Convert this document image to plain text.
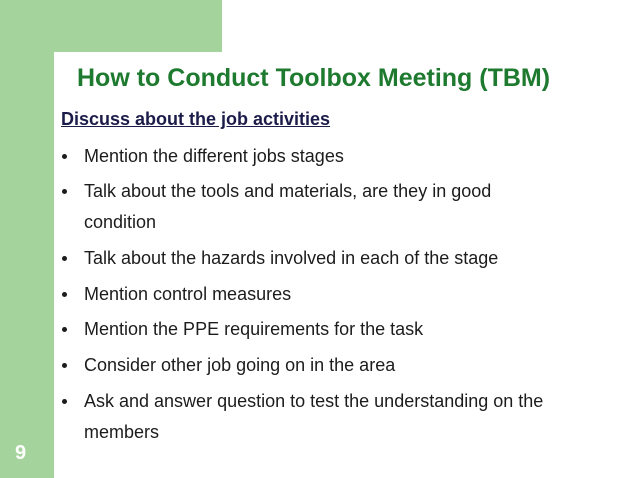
How to Conduct Toolbox Meeting (TBM)
Discuss about the job activities
Mention the different jobs stages
Talk about the tools and materials, are they in good condition
Talk about the hazards involved in each of the stage
Mention control measures
Mention the PPE requirements for the task
Consider other job going on in the area
Ask and answer question to test the understanding on the members
9
